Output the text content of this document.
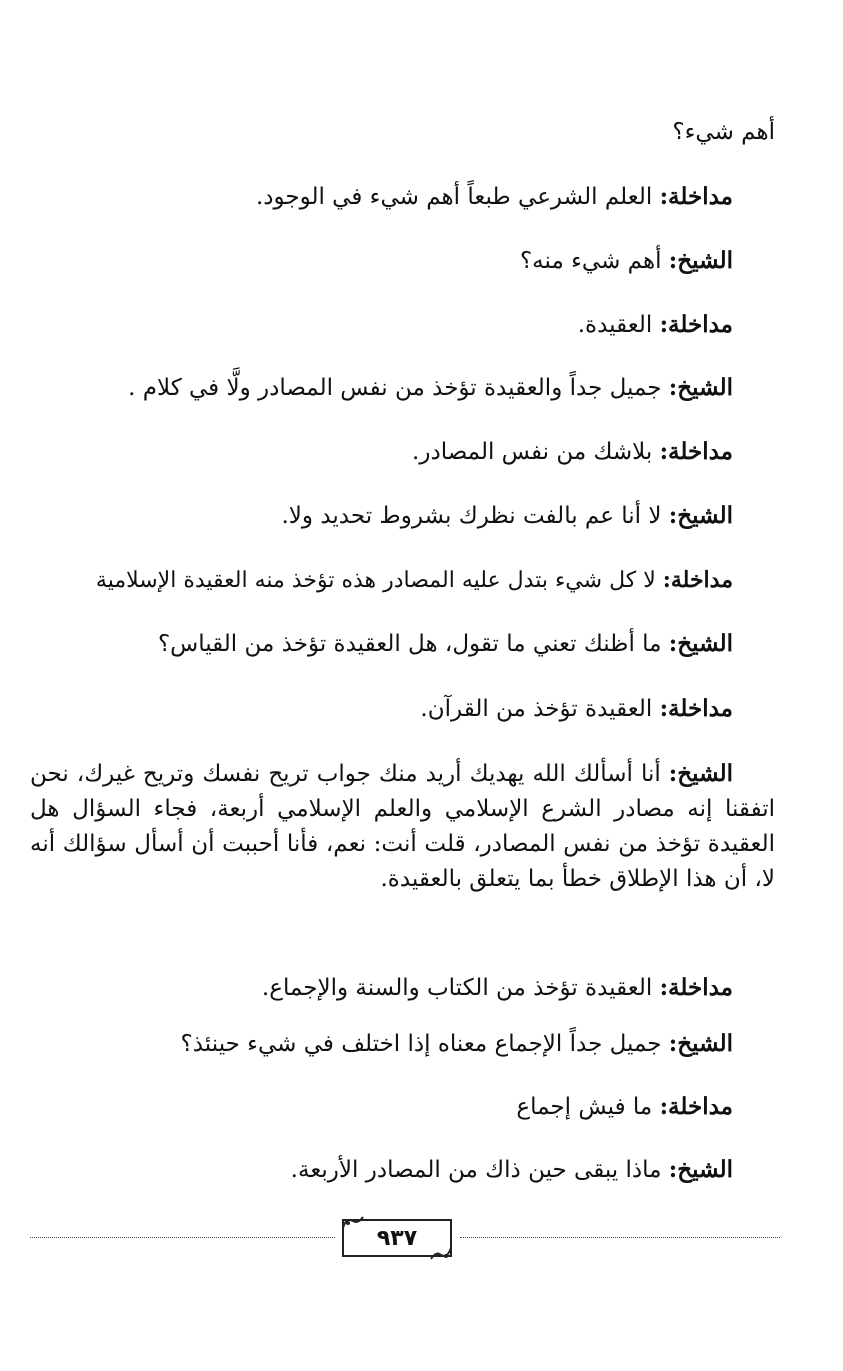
أهم شيء؟
مداخلة: العلم الشرعي طبعاً أهم شيء في الوجود.
الشيخ: أهم شيء منه؟
مداخلة: العقيدة.
الشيخ: جميل جداً والعقيدة تؤخذ من نفس المصادر ولَّا في كلام .
مداخلة: بلاشك من نفس المصادر.
الشيخ: لا أنا عم بالفت نظرك بشروط تحديد ولا.
مداخلة: لا كل شيء بتدل عليه المصادر هذه تؤخذ منه العقيدة الإسلامية
الشيخ: ما أظنك تعني ما تقول، هل العقيدة تؤخذ من القياس؟
مداخلة: العقيدة تؤخذ من القرآن.
الشيخ: أنا أسألك الله يهديك أريد منك جواب تريح نفسك وتريح غيرك، نحن اتفقنا إنه مصادر الشرع الإسلامي والعلم الإسلامي أربعة، فجاء السؤال هل العقيدة تؤخذ من نفس المصادر، قلت أنت: نعم، فأنا أحببت أن أسأل سؤالك أنه لا، أن هذا الإطلاق خطأ بما يتعلق بالعقيدة.
مداخلة: العقيدة تؤخذ من الكتاب والسنة والإجماع.
الشيخ: جميل جداً الإجماع معناه إذا اختلف في شيء حينئذ؟
مداخلة: ما فيش إجماع
الشيخ: ماذا يبقى حين ذاك من المصادر الأربعة.
٩٣٧
